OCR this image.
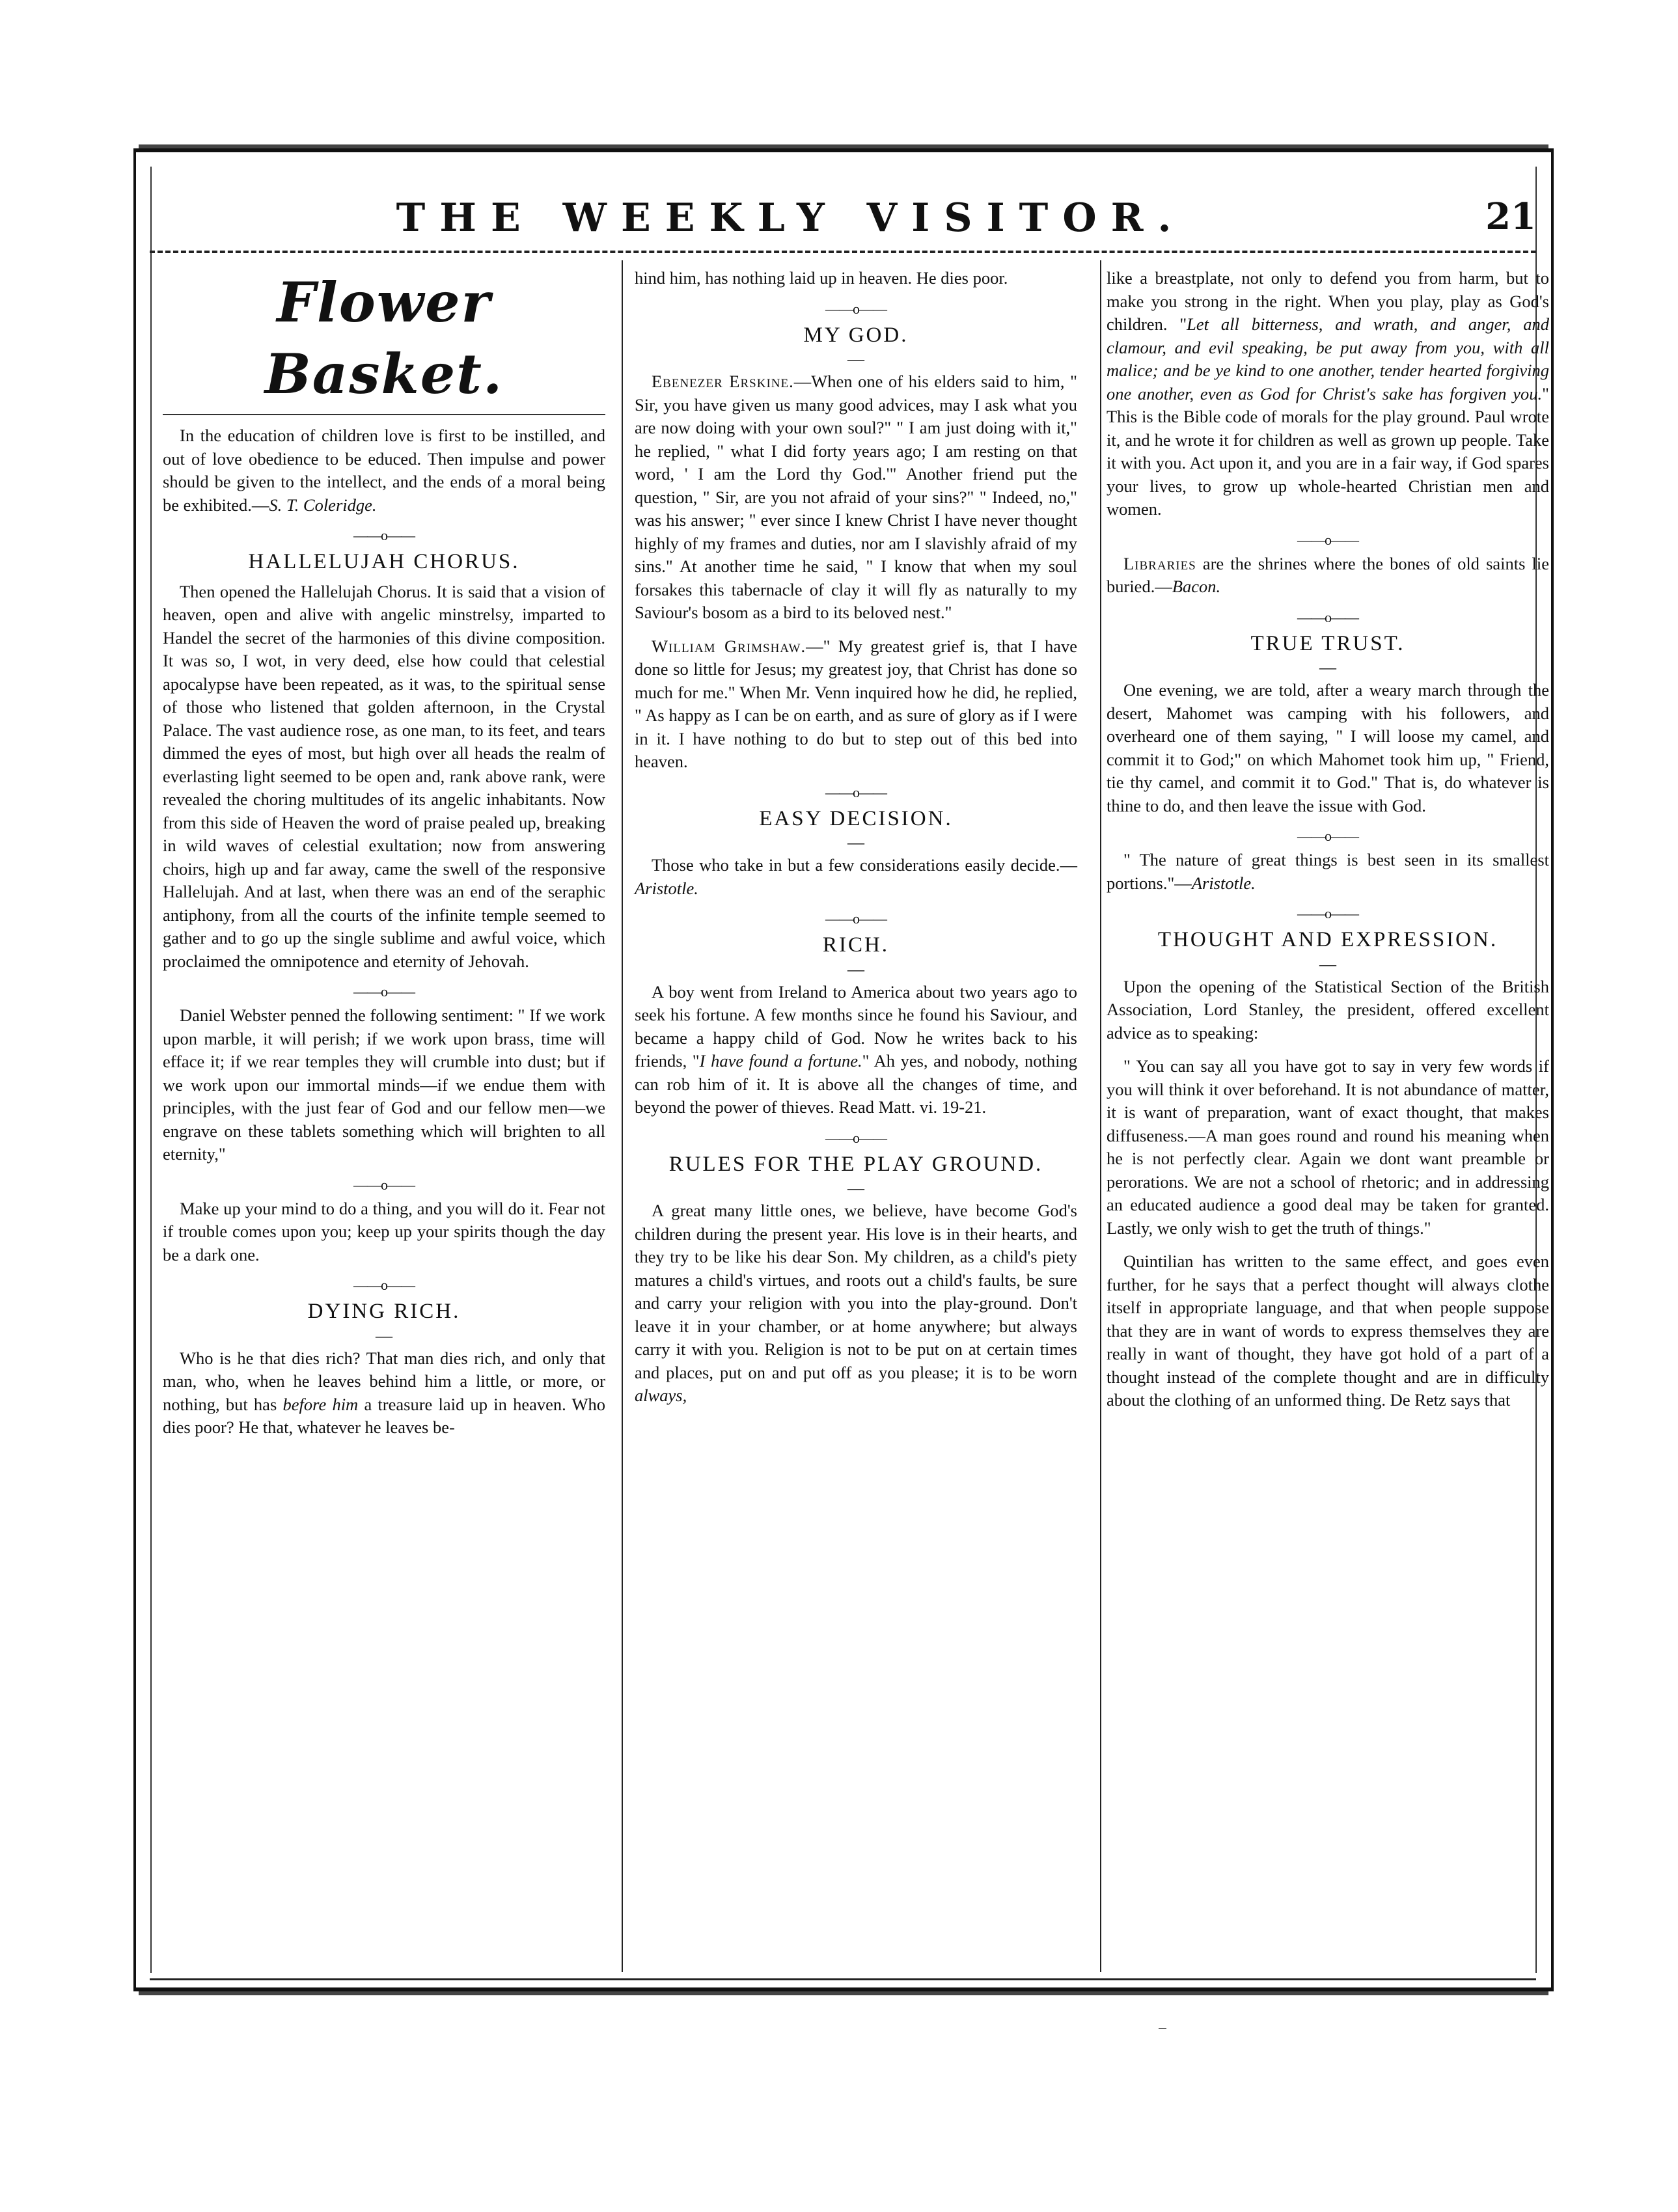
THE WEEKLY VISITOR.	21
Flower Basket.

In the education of children love is first to be instilled, and out of love obedience to be educed. Then impulse and power should be given to the intellect, and the ends of a moral being be exhibited.—S. T. Coleridge.

——o——
HALLELUJAH CHORUS.

Then opened the Hallelujah Chorus. It is said that a vision of heaven, open and alive with angelic minstrelsy, imparted to Handel the secret of the harmonies of this divine composition. It was so, I wot, in very deed, else how could that celestial apocalypse have been repeated, as it was, to the spiritual sense of those who listened that golden afternoon, in the Crystal Palace. The vast audience rose, as one man, to its feet, and tears dimmed the eyes of most, but high over all heads the realm of everlasting light seemed to be open and, rank above rank, were revealed the choring multitudes of its angelic inhabitants. Now from this side of Heaven the word of praise pealed up, breaking in wild waves of celestial exultation; now from answering choirs, high up and far away, came the swell of the responsive Hallelujah. And at last, when there was an end of the seraphic antiphony, from all the courts of the infinite temple seemed to gather and to go up the single sublime and awful voice, which proclaimed the omnipotence and eternity of Jehovah.

——o——

Daniel Webster penned the following sentiment: " If we work upon marble, it will perish; if we work upon brass, time will efface it; if we rear temples they will crumble into dust; but if we work upon our immortal minds—if we endue them with principles, with the just fear of God and our fellow men—we engrave on these tablets something which will brighten to all eternity,"

——o——

Make up your mind to do a thing, and you will do it. Fear not if trouble comes upon you; keep up your spirits though the day be a dark one.

——o——
DYING RICH.
—

Who is he that dies rich? That man dies rich, and only that man, who, when he leaves behind him a little, or more, or nothing, but has before him a treasure laid up in heaven. Who dies poor? He that, whatever he leaves be-

hind him, has nothing laid up in heaven. He dies poor.

——o——
MY GOD.
—

Ebenezer Erskine.—When one of his elders said to him, " Sir, you have given us many good advices, may I ask what you are now doing with your own soul?" " I am just doing with it," he replied, " what I did forty years ago; I am resting on that word, ' I am the Lord thy God.'" Another friend put the question, " Sir, are you not afraid of your sins?" " Indeed, no," was his answer; " ever since I knew Christ I have never thought highly of my frames and duties, nor am I slavishly afraid of my sins." At another time he said, " I know that when my soul forsakes this tabernacle of clay it will fly as naturally to my Saviour's bosom as a bird to its beloved nest."

William Grimshaw.—" My greatest grief is, that I have done so little for Jesus; my greatest joy, that Christ has done so much for me." When Mr. Venn inquired how he did, he replied, " As happy as I can be on earth, and as sure of glory as if I were in it. I have nothing to do but to step out of this bed into heaven.

——o——
EASY DECISION.
—

Those who take in but a few considerations easily decide.—Aristotle.

——o——
RICH.
—

A boy went from Ireland to America about two years ago to seek his fortune. A few months since he found his Saviour, and became a happy child of God. Now he writes back to his friends, "I have found a fortune." Ah yes, and nobody, nothing can rob him of it. It is above all the changes of time, and beyond the power of thieves. Read Matt. vi. 19-21.

——o——
RULES FOR THE PLAY GROUND.
—

A great many little ones, we believe, have become God's children during the present year. His love is in their hearts, and they try to be like his dear Son. My children, as a child's piety matures a child's virtues, and roots out a child's faults, be sure and carry your religion with you into the play-ground. Don't leave it in your chamber, or at home anywhere; but always carry it with you. Religion is not to be put on at certain times and places, put on and put off as you please; it is to be worn always,

like a breastplate, not only to defend you from harm, but to make you strong in the right. When you play, play as God's children. "Let all bitterness, and wrath, and anger, and clamour, and evil speaking, be put away from you, with all malice; and be ye kind to one another, tender hearted forgiving one another, even as God for Christ's sake has forgiven you." This is the Bible code of morals for the play ground. Paul wrote it, and he wrote it for children as well as grown up people. Take it with you. Act upon it, and you are in a fair way, if God spares your lives, to grow up whole-hearted Christian men and women.

——o——

Libraries are the shrines where the bones of old saints lie buried.—Bacon.

——o——
TRUE TRUST.
—

One evening, we are told, after a weary march through the desert, Mahomet was camping with his followers, and overheard one of them saying, " I will loose my camel, and commit it to God;" on which Mahomet took him up, " Friend, tie thy camel, and commit it to God." That is, do whatever is thine to do, and then leave the issue with God.

——o——

" The nature of great things is best seen in its smallest portions."—Aristotle.

——o——
THOUGHT AND EXPRESSION.
—

Upon the opening of the Statistical Section of the British Association, Lord Stanley, the president, offered excellent advice as to speaking:

" You can say all you have got to say in very few words if you will think it over beforehand. It is not abundance of matter, it is want of preparation, want of exact thought, that makes diffuseness.—A man goes round and round his meaning when he is not perfectly clear. Again we dont want preamble or perorations. We are not a school of rhetoric; and in addressing an educated audience a good deal may be taken for granted. Lastly, we only wish to get the truth of things."

Quintilian has written to the same effect, and goes even further, for he says that a perfect thought will always clothe itself in appropriate language, and that when people suppose that they are in want of words to express themselves they are really in want of thought, they have got hold of a part of a thought instead of the complete thought and are in difficulty about the clothing of an unformed thing. De Retz says that
